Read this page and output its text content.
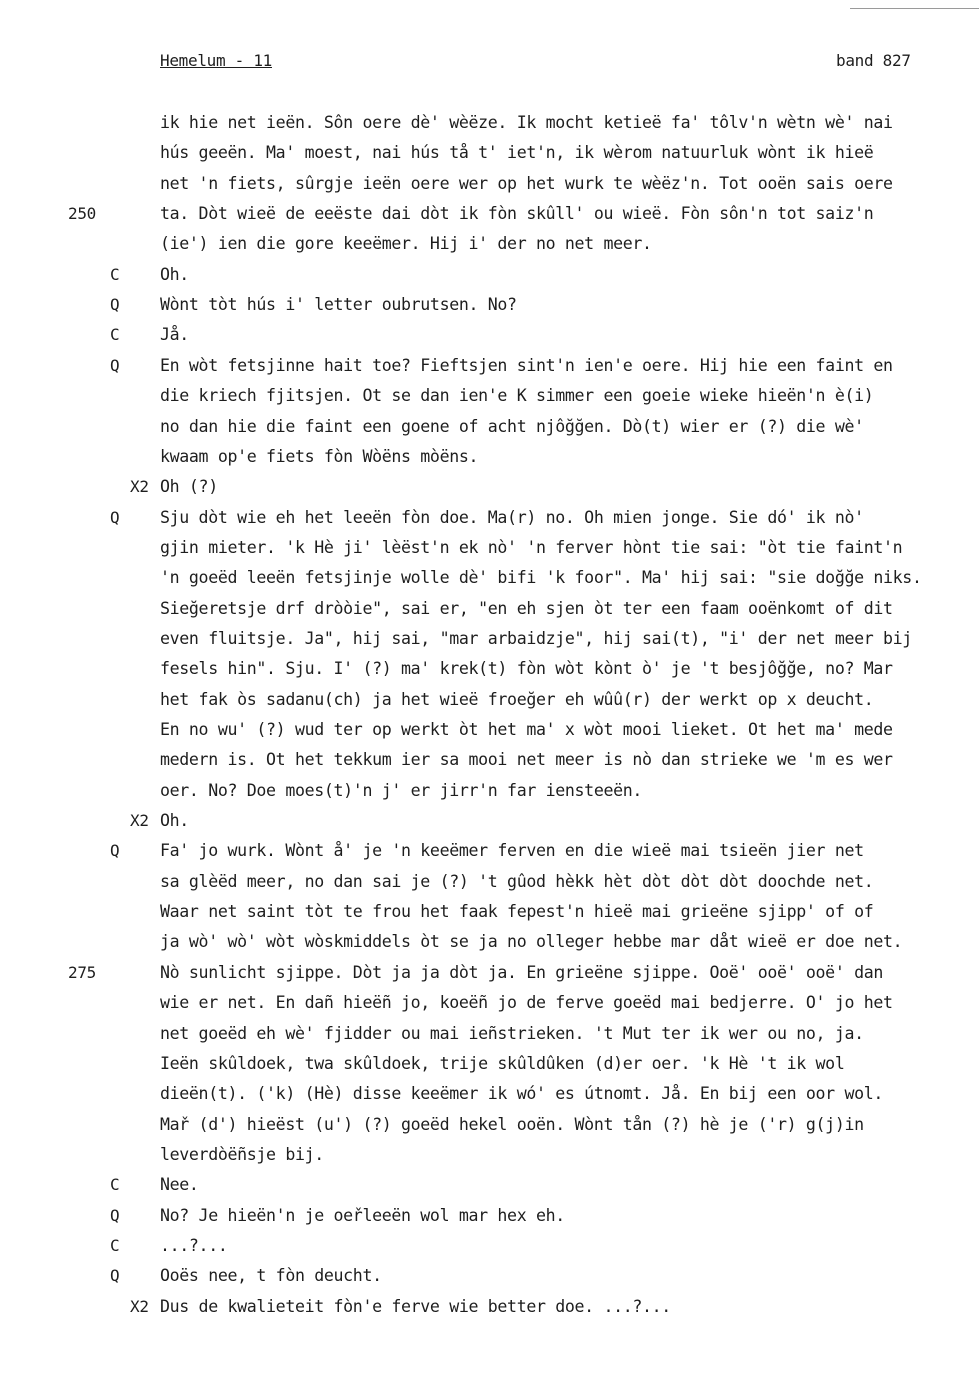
Hemelum - 11	band 827
ik hie net ieën. Sôn oere dè' wèëze. Ik mocht ketieë fa' tôlv'n wètn wè' nai
hús geeën. Ma' moest, nai hús tå t' iet'n, ik wèrom natuurluk wònt ik hieë
net 'n fiets, sûrgje ieën oere wer op het wurk te wèëz'n. Tot ooën sais oere
ta. Dòt wieë de eeëste dai dòt ik fòn skûll' ou wieë. Fòn sôn'n tot saiz'n
250
(ie') ien die gore keeëmer. Hij i' der no net meer.
Oh.
C
Wònt tòt hús i' letter oubrutsen. No?
Q
Jå.
C
En wòt fetsjinne hait toe? Fieftsjen sint'n ien'e oere. Hij hie een faint en
Q
die kriech fjitsjen. Ot se dan ien'e K simmer een goeie wieke hieën'n è(i)
no dan hie die faint een goene of acht njôğğen. Dò(t) wier er (?) die wè'
kwaam op'e fiets fòn Wòëns mòëns.
Oh (?)
X2
Sju dòt wie eh het leeën fòn doe. Ma(r) no. Oh mien jonge. Sie dó' ik nò'
Q
gjin mieter. 'k Hè ji' lèëst'n ek nò' 'n ferver hònt tie sai: "òt tie faint'n
'n goeëd leeën fetsjinje wolle dè' bifi 'k foor". Ma' hij sai: "sie doğğe niks.
Sieğeretsje drf dròòie", sai er, "en eh sjen òt ter een faam ooënkomt of dit
even fluitsje. Ja", hij sai, "mar arbaidzje", hij sai(t), "i' der net meer bij
fesels hin". Sju. I' (?) ma' krek(t) fòn wòt kònt ò' je 't besjôğğe, no? Mar
het fak òs sadanu(ch) ja het wieë froeğer eh wûû(r) der werkt op x deucht.
En no wu' (?) wud ter op werkt òt het ma' x wòt mooi lieket. Ot het ma' mede
medern is. Ot het tekkum ier sa mooi net meer is nò dan strieke we 'm es wer
oer. No? Doe moes(t)'n j' er jirr'n far iensteeën.
Oh.
X2
Fa' jo wurk. Wònt å' je 'n keeëmer ferven en die wieë mai tsieën jier net
Q
sa glèëd meer, no dan sai je (?) 't gûod hèkk hèt dòt dòt dòt doochde net.
Waar net saint tòt te frou het faak fepest'n hieë mai grieëne sjipp' of of
ja wò' wò' wòt wòskmiddels òt se ja no olleger hebbe mar dåt wieë er doe net.
Nò sunlicht sjippe. Dòt ja ja dòt ja. En grieëne sjippe. Ooë' ooë' ooë' dan
275
wie er net. En dañ hieëñ jo, koeëñ jo de ferve goeëd mai bedjerre. O' jo het
net goeëd eh wè' fjidder ou mai ieñstrieken. 't Mut ter ik wer ou no, ja.
Ieën skûldoek, twa skûldoek, trije skûldûken (d)er oer. 'k Hè 't ik wol
dieën(t). ('k) (Hè) disse keeëmer ik wó' es útnomt. Jå. En bij een oor wol.
Mař (d') hieëst (u') (?) goeëd hekel ooën. Wònt tån (?) hè je ('r) g(j)in
leverdòëñsje bij.
Nee.
C
No? Je hieën'n je oeřleeën wol mar hex eh.
Q
...?...
C
Ooës nee, t fòn deucht.
Q
Dus de kwalieteit fòn'e ferve wie better doe. ...?...
X2
